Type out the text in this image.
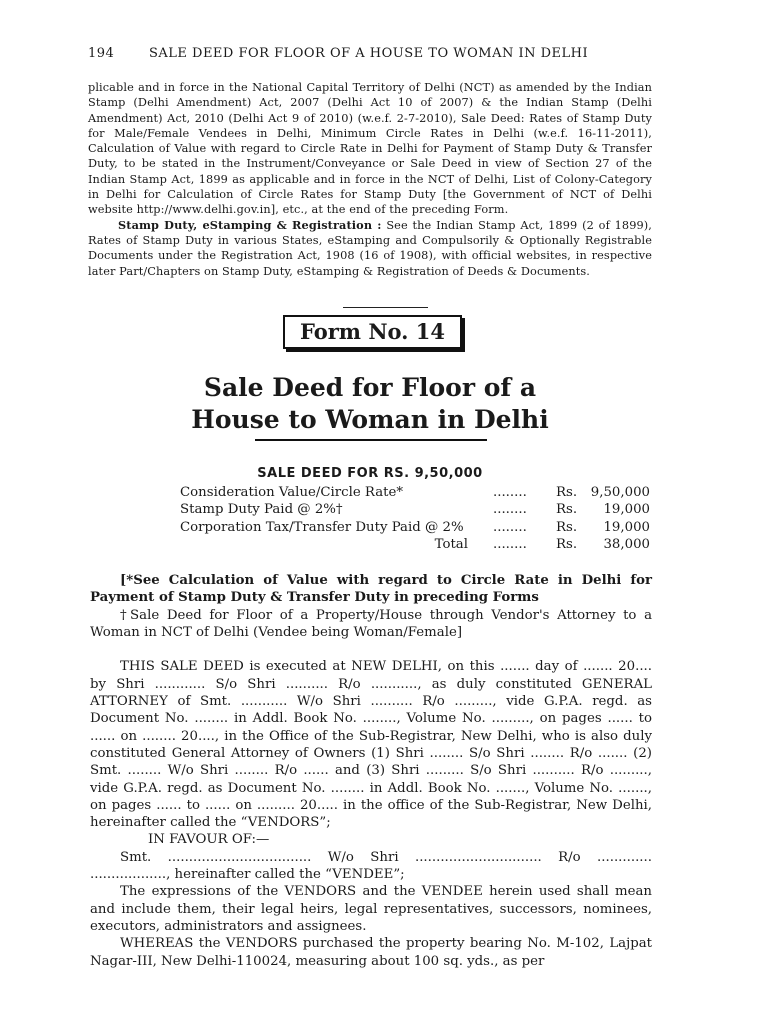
194	SALE DEED FOR FLOOR OF A HOUSE TO WOMAN IN DELHI

plicable and in force in the National Capital Territory of Delhi (NCT) as amended by the Indian Stamp (Delhi Amendment) Act, 2007 (Delhi Act 10 of 2007) & the Indian Stamp (Delhi Amendment) Act, 2010 (Delhi Act 9 of 2010) (w.e.f. 2-7-2010), Sale Deed: Rates of Stamp Duty for Male/Female Vendees in Delhi, Minimum Circle Rates in Delhi (w.e.f. 16-11-2011), Calculation of Value with regard to Circle Rate in Delhi for Payment of Stamp Duty & Transfer Duty, to be stated in the Instrument/Conveyance or Sale Deed in view of Section 27 of the Indian Stamp Act, 1899 as applicable and in force in the NCT of Delhi, List of Colony-Category in Delhi for Calculation of Circle Rates for Stamp Duty [the Government of NCT of Delhi website http://www.delhi.gov.in], etc., at the end of the preceding Form.

Stamp Duty, eStamping & Registration : See the Indian Stamp Act, 1899 (2 of 1899), Rates of Stamp Duty in various States, eStamping and Compulsorily & Optionally Registrable Documents under the Registration Act, 1908 (16 of 1908), with official websites, in respective later Part/Chapters on Stamp Duty, eStamping & Registration of Deeds & Documents.

Form No. 14
Sale Deed for Floor of a
House to Woman in Delhi
SALE DEED FOR RS. 9,50,000
Consideration Value/Circle Rate*	........ Rs. 9,50,000
Stamp Duty Paid @ 2%†	........ Rs. 19,000
Corporation Tax/Transfer Duty Paid @ 2% ........ Rs. 19,000
Total ........ Rs. 38,000

[*See Calculation of Value with regard to Circle Rate in Delhi for Payment of Stamp Duty & Transfer Duty in preceding Forms

†Sale Deed for Floor of a Property/House through Vendor's Attorney to a Woman in NCT of Delhi (Vendee being Woman/Female]

THIS SALE DEED is executed at NEW DELHI, on this ....... day of ....... 20.... by Shri ............ S/o Shri .......... R/o ..........., as duly constituted GENERAL ATTORNEY of Smt. ........... W/o Shri .......... R/o ........., vide G.P.A. regd. as Document No. ........ in Addl. Book No. ........, Volume No. ........., on pages ...... to ...... on ........ 20...., in the Office of the Sub-Registrar, New Delhi, who is also duly constituted General Attorney of Owners (1) Shri ........ S/o Shri ........ R/o ....... (2) Smt. ........ W/o Shri ........ R/o ...... and (3) Shri ......... S/o Shri .......... R/o ........., vide G.P.A. regd. as Document No. ........ in Addl. Book No. ......., Volume No. ......., on pages ...... to ...... on ......... 20..... in the office of the Sub-Registrar, New Delhi, hereinafter called the “VENDORS”;

IN FAVOUR OF:—

Smt. .................................. W/o Shri .............................. R/o ............. .................., hereinafter called the “VENDEE”;

The expressions of the VENDORS and the VENDEE herein used shall mean and include them, their legal heirs, legal representatives, successors, nominees, executors, administrators and assignees.

WHEREAS the VENDORS purchased the property bearing No. M-102, Lajpat Nagar-III, New Delhi-110024, measuring about 100 sq. yds., as per
